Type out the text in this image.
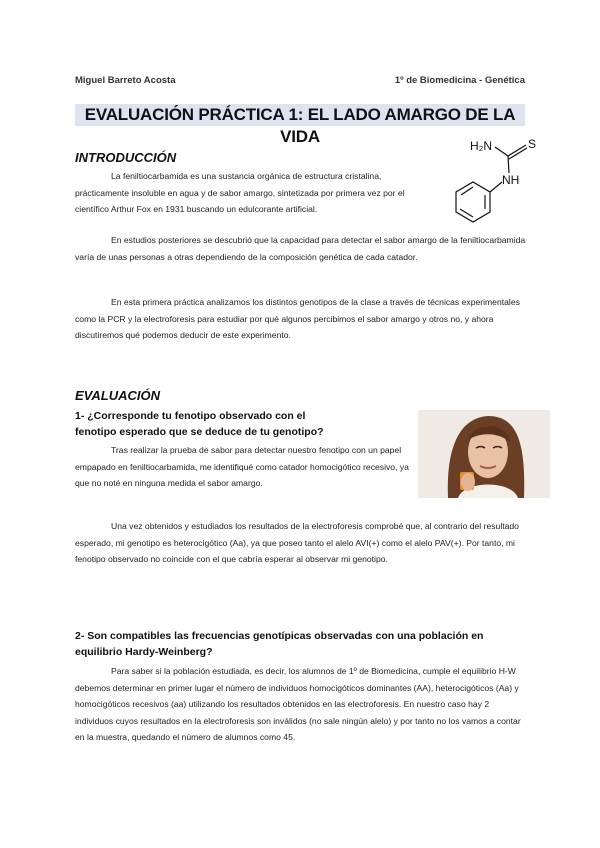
Miguel Barreto Acosta	1º de Biomedicina - Genética
EVALUACIÓN PRÁCTICA 1: EL LADO AMARGO DE LA VIDA
INTRODUCCIÓN
H₂N	S
NH

La feniltiocarbamida es una sustancia orgánica de estructura cristalina, prácticamente insoluble en agua y de sabor amargo, sintetizada por primera vez por el científico Arthur Fox en 1931 buscando un edulcorante artificial.

En estudios posteriores se descubrió que la capacidad para detectar el sabor amargo de la feniltiocarbamida varía de unas personas a otras dependiendo de la composición genética de cada catador.

En esta primera práctica analizamos los distintos genotipos de la clase a través de técnicas experimentales como la PCR y la electroforesis para estudiar por qué algunos percibimos el sabor amargo y otros no, y ahora discutiremos qué podemos deducir de este experimento.

EVALUACIÓN
1- ¿Corresponde tu fenotipo observado con el fenotipo esperado que se deduce de tu genotipo?

Tras realizar la prueba de sabor para detectar nuestro fenotipo con un papel empapado en feniltiocarbamida, me identifiqué como catador homocigótico recesivo, ya que no noté en ninguna medida el sabor amargo.

Una vez obtenidos y estudiados los resultados de la electroforesis comprobé que, al contrario del resultado esperado, mi genotipo es heterocigótico (Aa), ya que poseo tanto el alelo AVI(+) como el alelo PAV(+). Por tanto, mi fenotipo observado no coincide con el que cabría esperar al observar mi genotipo.

2- Son compatibles las frecuencias genotípicas observadas con una población en equilibrio Hardy-Weinberg?

Para saber si la población estudiada, es decir, los alumnos de 1º de Biomedicina, cumple el equilibrio H-W debemos determinar en primer lugar el número de individuos homocigóticos dominantes (AA), heterocigóticos (Aa) y homocigóticos recesivos (aa) utilizando los resultados obtenidos en las electroforesis. En nuestro caso hay 2 individuos cuyos resultados en la electroforesis son inválidos (no sale ningún alelo) y por tanto no los vamos a contar en la muestra, quedando el número de alumnos como 45.
